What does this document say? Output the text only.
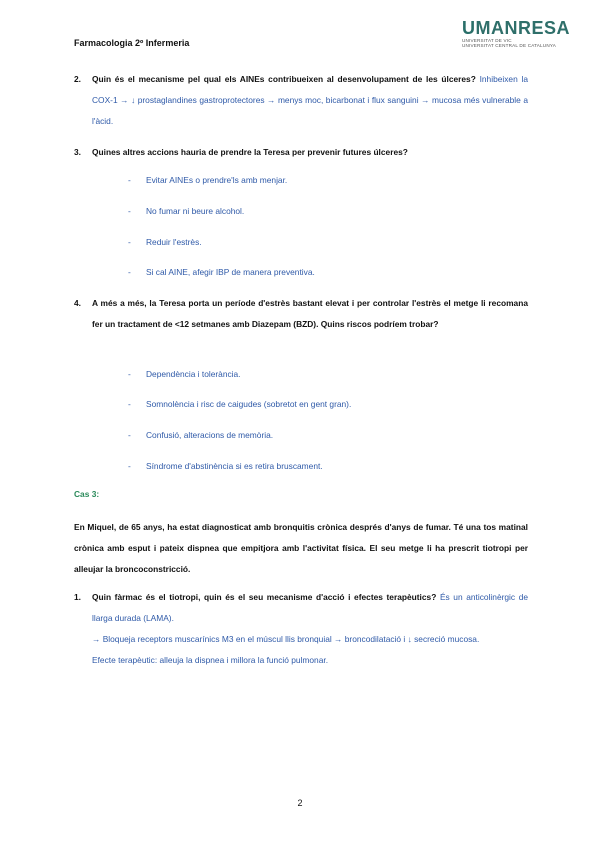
Farmacologia 2º Infermeria
UMANRESA
UNIVERSITAT DE VIC
UNIVERSITAT CENTRAL DE CATALUNYA
2. Quin és el mecanisme pel qual els AINEs contribueixen al desenvolupament de les úlceres? Inhibeixen la COX-1 → ↓ prostaglandines gastroprotectores → menys moc, bicarbonat i flux sanguini → mucosa més vulnerable a l'àcid.
3. Quines altres accions hauria de prendre la Teresa per prevenir futures úlceres?
- Evitar AINEs o prendre'ls amb menjar.
- No fumar ni beure alcohol.
- Reduir l'estrès.
- Si cal AINE, afegir IBP de manera preventiva.
4. A més a més, la Teresa porta un període d'estrès bastant elevat i per controlar l'estrès el metge li recomana fer un tractament de <12 setmanes amb Diazepam (BZD). Quins riscos podríem trobar?
- Dependència i tolerància.
- Somnolència i risc de caigudes (sobretot en gent gran).
- Confusió, alteracions de memòria.
- Síndrome d'abstinència si es retira bruscament.
Cas 3:
En Miquel, de 65 anys, ha estat diagnosticat amb bronquitis crònica després d'anys de fumar. Té una tos matinal crònica amb esput i pateix dispnea que empitjora amb l'activitat física. El seu metge li ha prescrit tiotropi per alleujar la broncoconstricció.
1. Quin fàrmac és el tiotropi, quin és el seu mecanisme d'acció i efectes terapèutics? És un anticolinèrgic de llarga durada (LAMA).
→ Bloqueja receptors muscarínics M3 en el múscul llis bronquial → broncodilatació i ↓ secreció mucosa.
Efecte terapèutic: alleuja la dispnea i millora la funció pulmonar.
2
